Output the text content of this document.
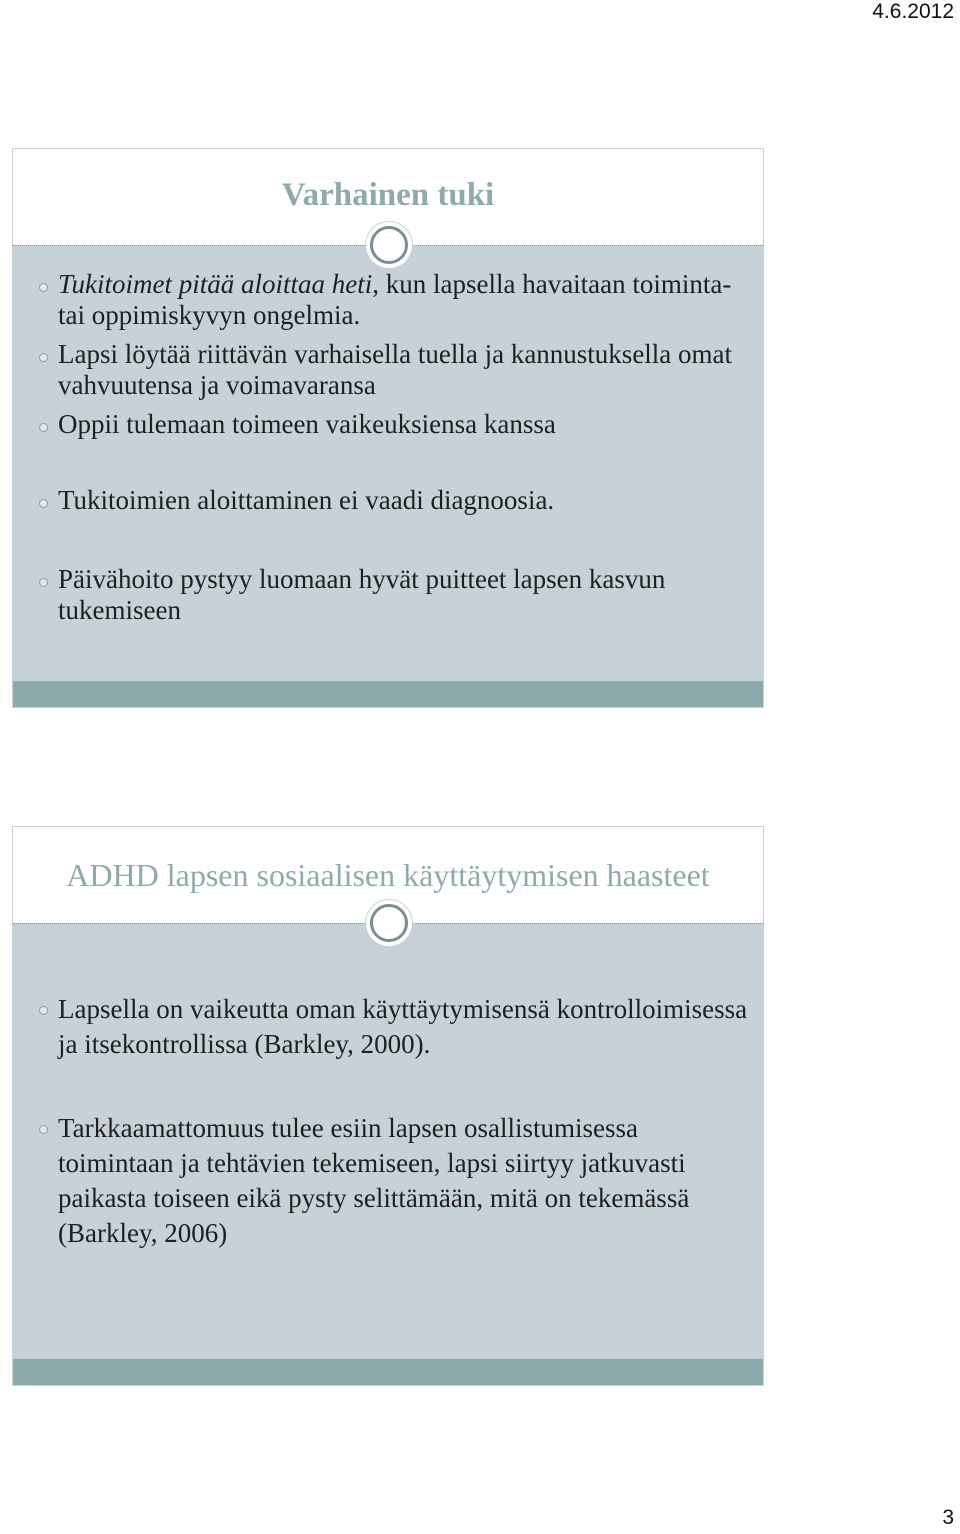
4.6.2012
Varhainen tuki
Tukitoimet pitää aloittaa heti, kun lapsella havaitaan toiminta- tai oppimiskyvyn ongelmia.
Lapsi löytää riittävän varhaisella tuella ja kannustuksella omat vahvuutensa ja voimavaransa
Oppii tulemaan toimeen vaikeuksiensa kanssa
Tukitoimien aloittaminen ei vaadi diagnoosia.
Päivähoito pystyy luomaan hyvät puitteet lapsen kasvun tukemiseen
ADHD lapsen sosiaalisen käyttäytymisen haasteet
Lapsella on vaikeutta oman käyttäytymisensä kontrolloimisessa ja itsekontrollissa (Barkley, 2000).
Tarkkaamattomuus tulee esiin lapsen osallistumisessa toimintaan ja tehtävien tekemiseen, lapsi siirtyy jatkuvasti paikasta toiseen eikä pysty selittämään, mitä on tekemässä (Barkley, 2006)
3
